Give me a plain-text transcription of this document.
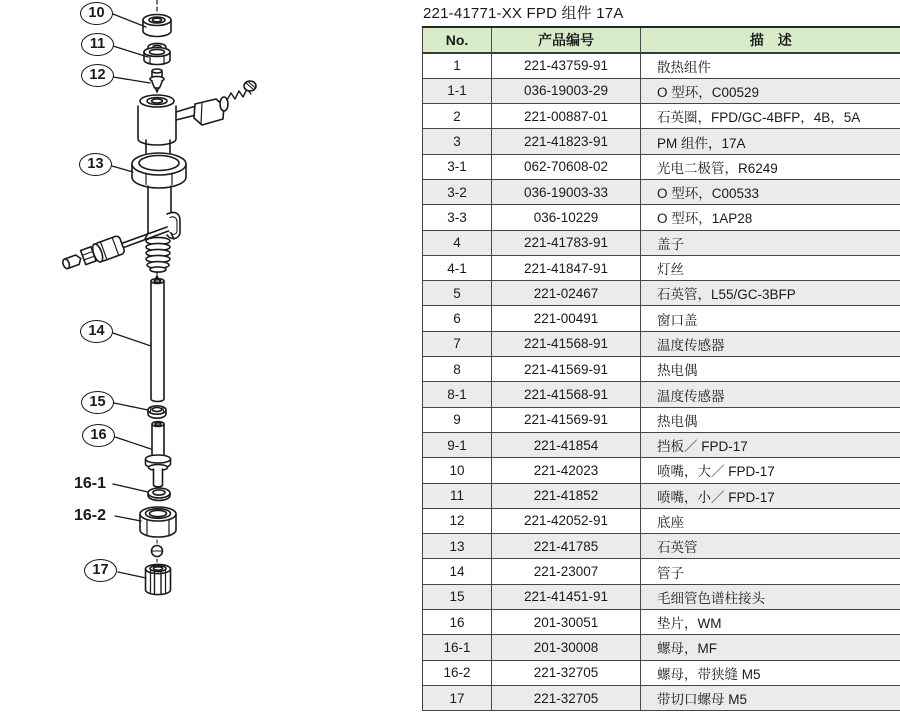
10
11
12
13
14
15
16
16-1
16-2
17
221-41771-XX FPD 组件 17A
No.	产品编号	描　述
1	221-43759-91	散热组件
1-1	036-19003-29	O 型环，C00529
2	221-00887-01	石英圈，FPD/GC-4BFP，4B，5A
3	221-41823-91	PM 组件，17A
3-1	062-70608-02	光电二极管，R6249
3-2	036-19003-33	O 型环，C00533
3-3	036-10229	O 型环，1AP28
4	221-41783-91	盖子
4-1	221-41847-91	灯丝
5	221-02467	石英管，L55/GC-3BFP
6	221-00491	窗口盖
7	221-41568-91	温度传感器
8	221-41569-91	热电偶
8-1	221-41568-91	温度传感器
9	221-41569-91	热电偶
9-1	221-41854	挡板／ FPD-17
10	221-42023	喷嘴，大／ FPD-17
11	221-41852	喷嘴，小／ FPD-17
12	221-42052-91	底座
13	221-41785	石英管
14	221-23007	管子
15	221-41451-91	毛细管色谱柱接头
16	201-30051	垫片，WM
16-1	201-30008	螺母，MF
16-2	221-32705	螺母，带狭缝 M5
17	221-32705	带切口螺母 M5
